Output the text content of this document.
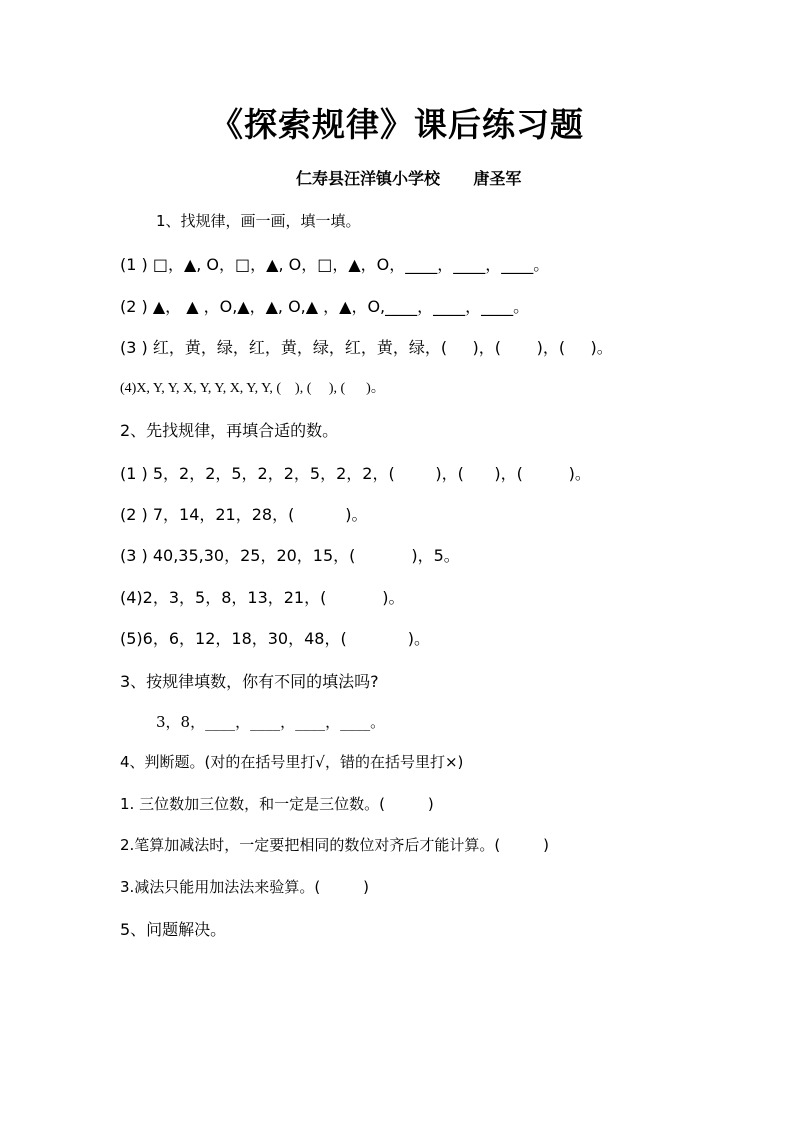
《探索规律》课后练习题
仁寿县汪洋镇小学校      唐圣军
1、找规律，画一画，填一填。
(1 ) □，▲, O，□，▲, O，□，▲，O，____，____，____。
(2 ) ▲， ▲ ，O,▲，▲, O,▲ ，▲，O,____，____，____。
(3 ) 红，黄，绿，红，黄，绿，红，黄，绿，(     )，(       )，(     )。
(4)X, Y, Y, X, Y, Y, X, Y, Y, (    ), (     ), (      )。
2、先找规律，再填合适的数。
(1 ) 5，2，2，5，2，2，5，2，2，(        )，(      )，(         )。
(2 ) 7，14，21，28，(          )。
(3 ) 40,35,30，25，20，15，(           )，5。
(4)2，3，5，8，13，21，(           )。
(5)6，6，12，18，30，48，(            )。
3、按规律填数，你有不同的填法吗?
3，8，____，____，____，____。
4、判断题。(对的在括号里打√，错的在括号里打×)
1. 三位数加三位数，和一定是三位数。(         )
2.笔算加减法时，一定要把相同的数位对齐后才能计算。(         )
3.减法只能用加法法来验算。(         )
5、问题解决。
